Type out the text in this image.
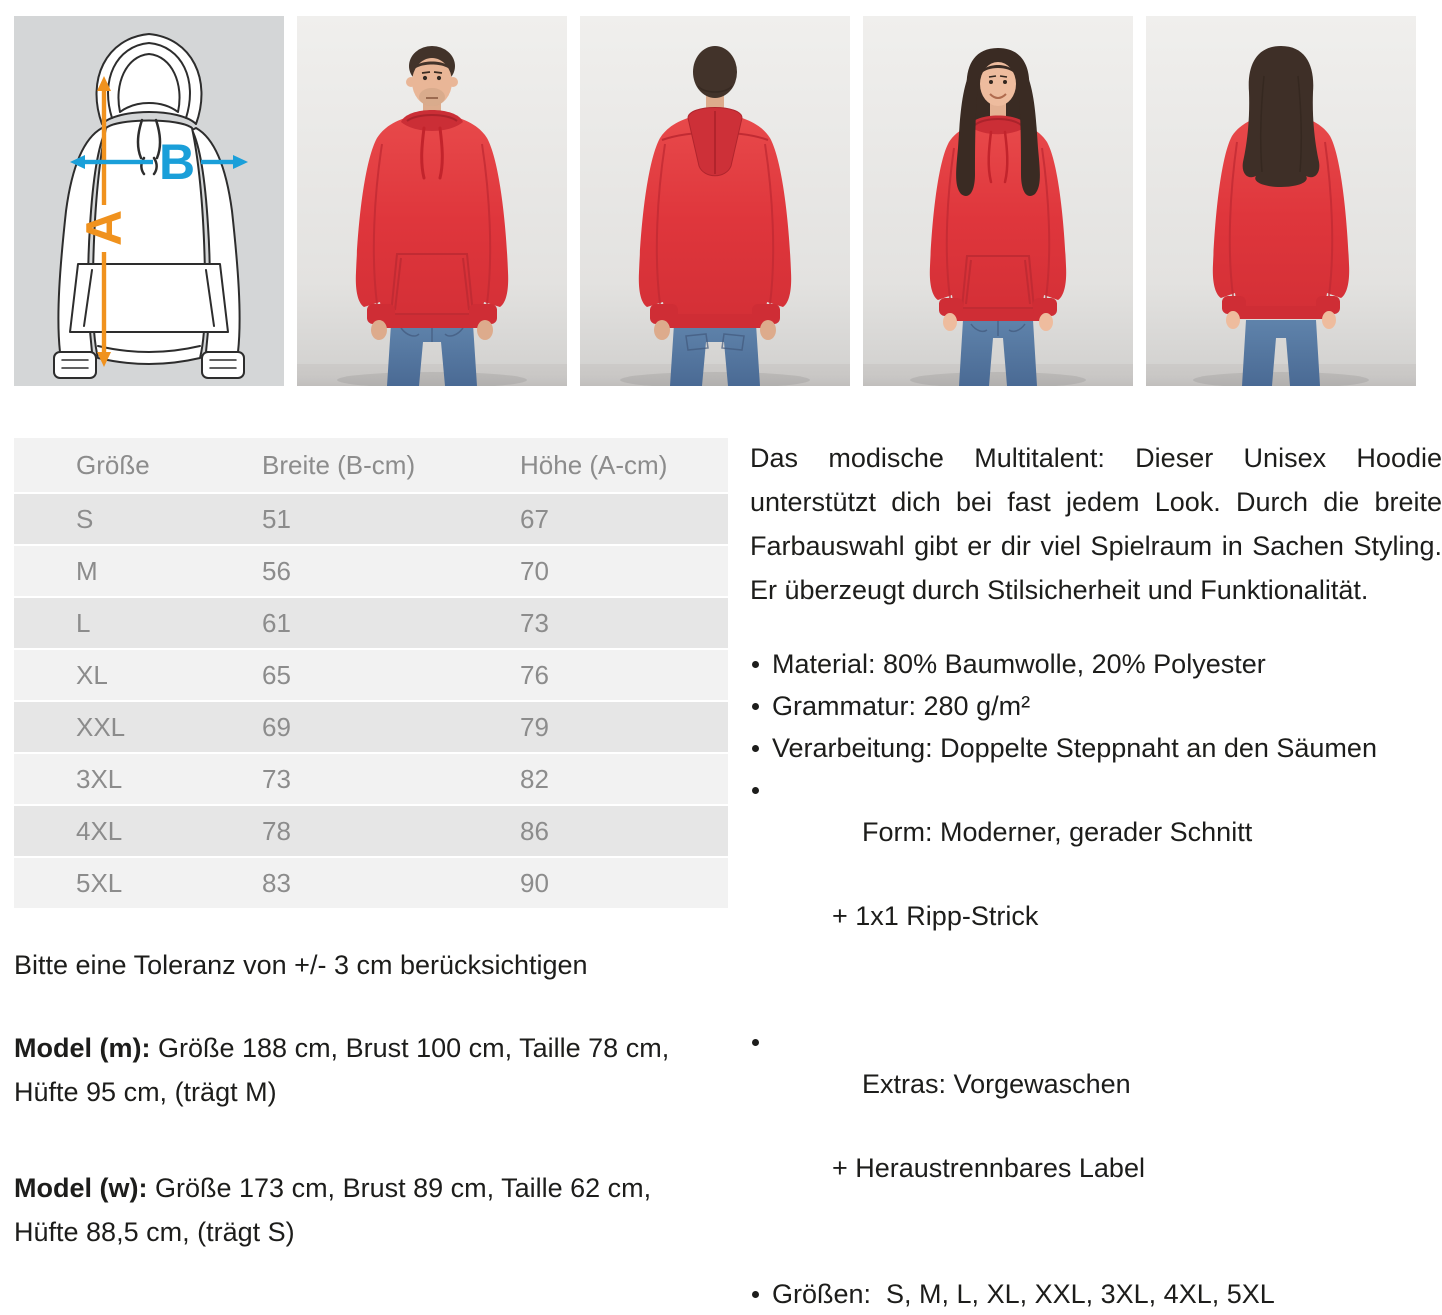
A
B
Größe	Breite (B-cm)	Höhe (A-cm)
S	51	67
M	56	70
L	61	73
XL	65	76
XXL	69	79
3XL	73	82
4XL	78	86
5XL	83	90

Bitte eine Toleranz von +/- 3 cm berücksichtigen

Model (m): Größe 188 cm, Brust 100 cm, Taille 78 cm, Hüfte 95 cm, (trägt M)

Model (w): Größe 173 cm, Brust 89 cm, Taille 62 cm, Hüfte 88,5 cm, (trägt S)

Das modische Multitalent: Dieser Unisex Hoodie unterstützt dich bei fast jedem Look. Durch die breite Farbauswahl gibt er dir viel Spielraum in Sachen Styling. Er überzeugt durch Stilsicherheit und Funktionalität.

Material: 80% Baumwolle, 20% Polyester
Grammatur: 280 g/m²
Verarbeitung: Doppelte Steppnaht an den Säumen

Form: Moderner, gerader Schnitt

+ 1x1 Ripp-Strick

Extras: Vorgewaschen

+ Heraustrennbares Label

Größen:  S, M, L, XL, XXL, 3XL, 4XL, 5XL
